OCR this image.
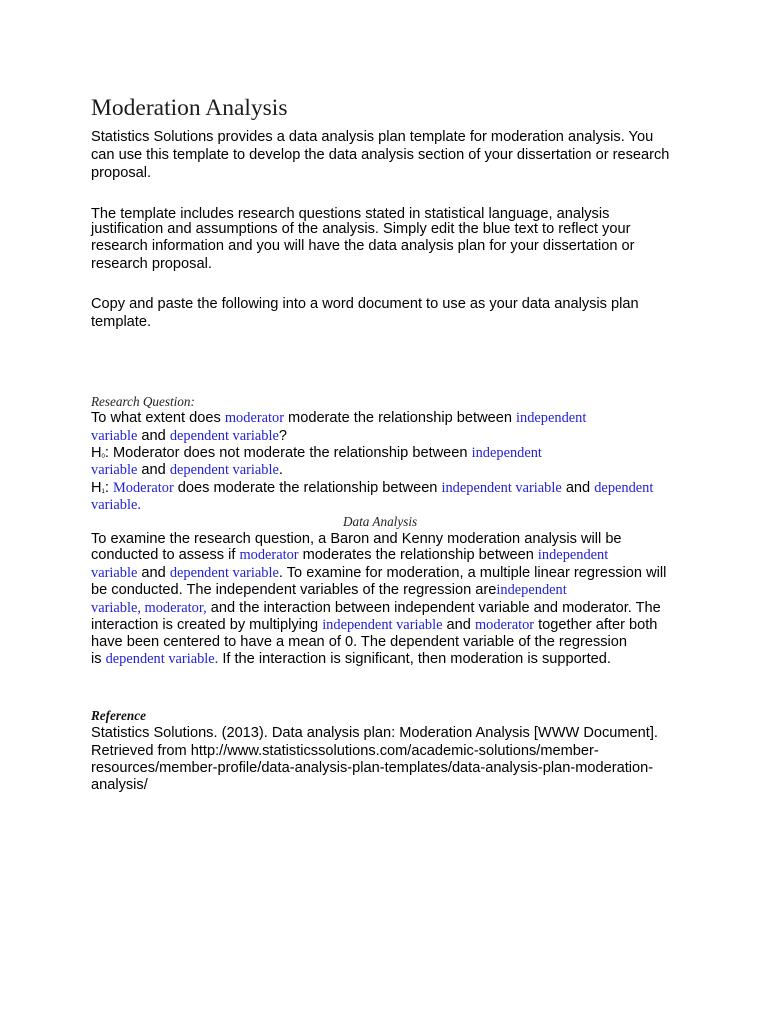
Moderation Analysis
Statistics Solutions provides a data analysis plan template for moderation analysis. You
can use this template to develop the data analysis section of your dissertation or research
proposal.
The template includes research questions stated in statistical language, analysis
justification and assumptions of the analysis. Simply edit the blue text to reflect your
research information and you will have the data analysis plan for your dissertation or
research proposal.
Copy and paste the following into a word document to use as your data analysis plan
template.
Research Question:
To what extent does moderator moderate the relationship between independent
variable and dependent variable?
H0: Moderator does not moderate the relationship between independent
variable and dependent variable.
H1: Moderator does moderate the relationship between independent variable and dependent
variable.
Data Analysis
To examine the research question, a Baron and Kenny moderation analysis will be
conducted to assess if moderator moderates the relationship between independent
variable and dependent variable. To examine for moderation, a multiple linear regression will
be conducted. The independent variables of the regression areindependent
variable, moderator, and the interaction between independent variable and moderator. The
interaction is created by multiplying independent variable and moderator together after both
have been centered to have a mean of 0. The dependent variable of the regression
is dependent variable. If the interaction is significant, then moderation is supported.
Reference
Statistics Solutions. (2013). Data analysis plan: Moderation Analysis [WWW Document].
Retrieved from http://www.statisticssolutions.com/academic-solutions/member-
resources/member-profile/data-analysis-plan-templates/data-analysis-plan-moderation-
analysis/
